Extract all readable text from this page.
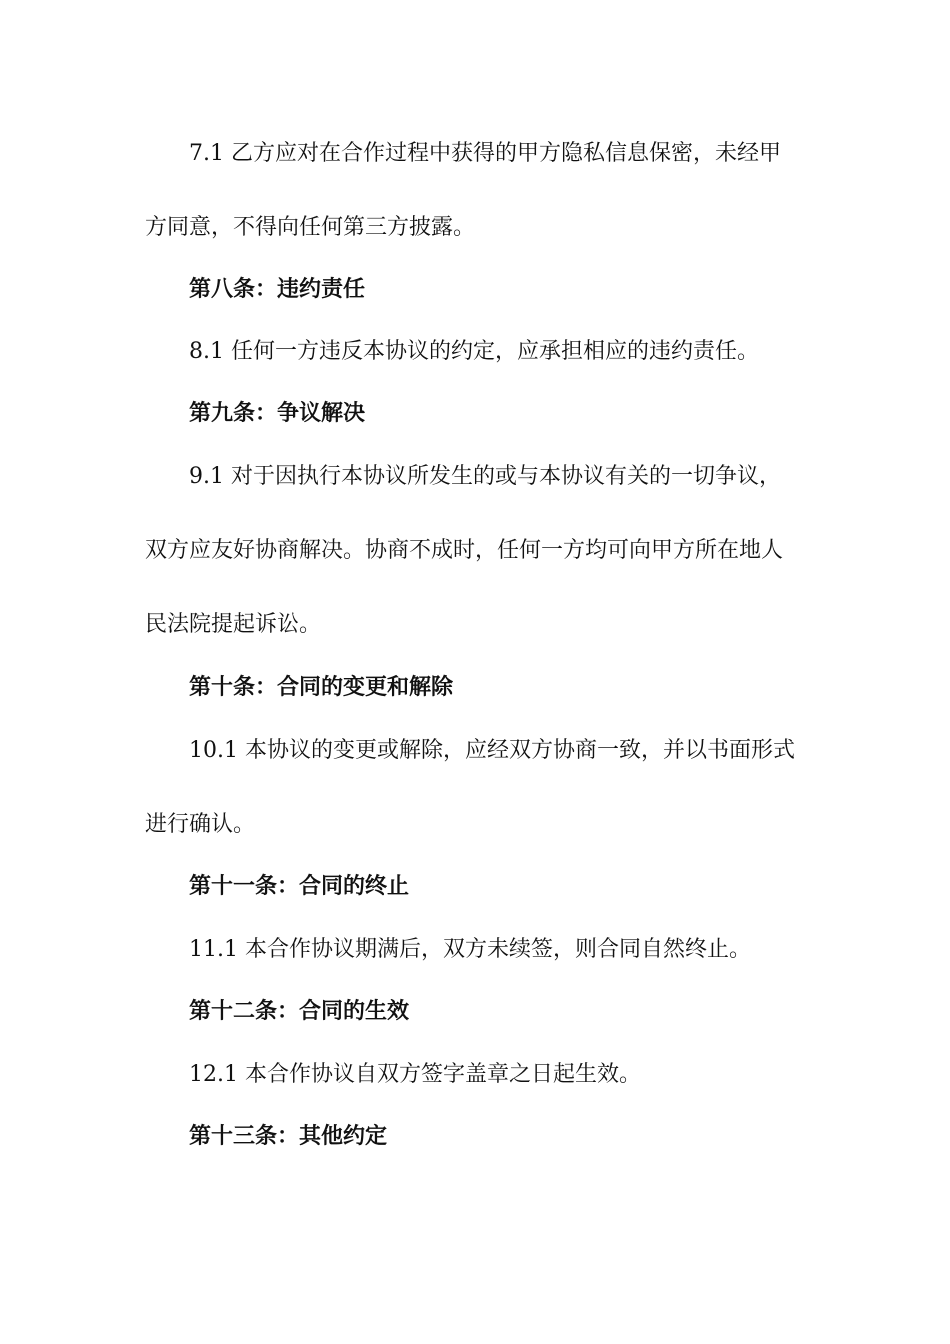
7.1 乙方应对在合作过程中获得的甲方隐私信息保密，未经甲
方同意，不得向任何第三方披露。
第八条：违约责任
8.1 任何一方违反本协议的约定，应承担相应的违约责任。
第九条：争议解决
9.1 对于因执行本协议所发生的或与本协议有关的一切争议，
双方应友好协商解决。协商不成时，任何一方均可向甲方所在地人
民法院提起诉讼。
第十条：合同的变更和解除
10.1 本协议的变更或解除，应经双方协商一致，并以书面形式
进行确认。
第十一条：合同的终止
11.1 本合作协议期满后，双方未续签，则合同自然终止。
第十二条：合同的生效
12.1 本合作协议自双方签字盖章之日起生效。
第十三条：其他约定
